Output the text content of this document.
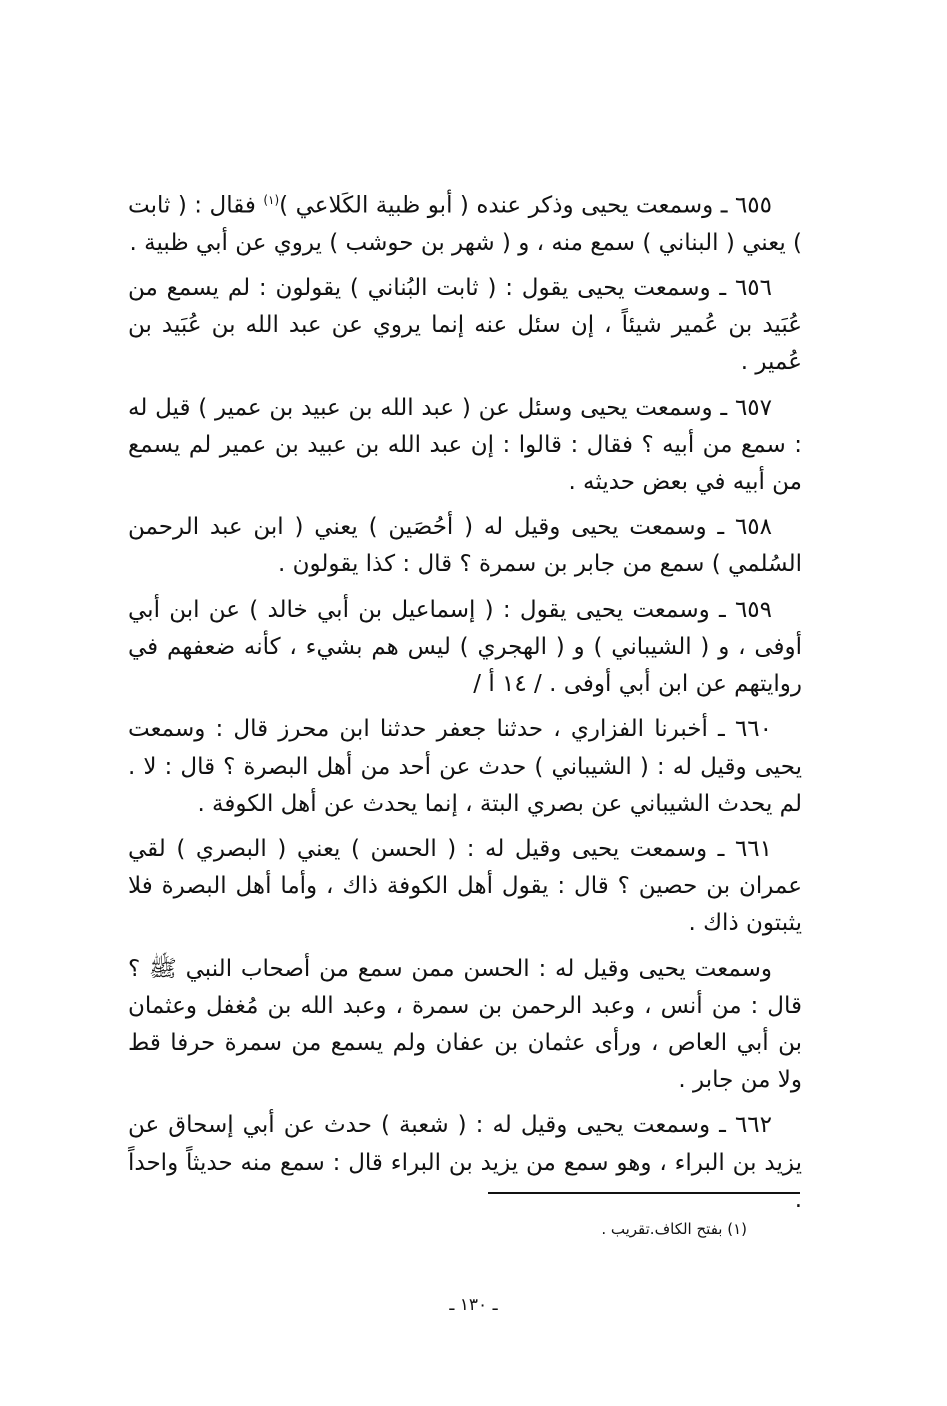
٦٥٥ ـ وسمعت يحيى وذكر عنده ( أبو ظبية الكَلاعي )$^{(١)}$ فقال : ( ثابت ) يعني ( البناني ) سمع منه ، و ( شهر بن حوشب ) يروي عن أبي ظبية .

٦٥٦ ـ وسمعت يحيى يقول : ( ثابت البُناني ) يقولون : لم يسمع من عُبَيد بن عُمير شيئاً ، إن سئل عنه إنما يروي عن عبد الله بن عُبَيد بن عُمير .

٦٥٧ ـ وسمعت يحيى وسئل عن ( عبد الله بن عبيد بن عمير ) قيل له : سمع من أبيه ؟ فقال : قالوا : إن عبد الله بن عبيد بن عمير لم يسمع من أبيه في بعض حديثه .

٦٥٨ ـ وسمعت يحيى وقيل له ( أحُصَين ) يعني ( ابن عبد الرحمن السُلمي ) سمع من جابر بن سمرة ؟ قال : كذا يقولون .

٦٥٩ ـ وسمعت يحيى يقول : ( إسماعيل بن أبي خالد ) عن ابن أبي أوفى ، و ( الشيباني ) و ( الهجري ) ليس هم بشيء ، كأنه ضعفهم في روايتهم عن ابن أبي أوفى . / ١٤ أ /

٦٦٠ ـ أخبرنا الفزاري ، حدثنا جعفر حدثنا ابن محرز قال : وسمعت يحيى وقيل له : ( الشيباني ) حدث عن أحد من أهل البصرة ؟ قال : لا . لم يحدث الشيباني عن بصري البتة ، إنما يحدث عن أهل الكوفة .

٦٦١ ـ وسمعت يحيى وقيل له : ( الحسن ) يعني ( البصري ) لقي عمران بن حصين ؟ قال : يقول أهل الكوفة ذاك ، وأما أهل البصرة فلا يثبتون ذاك .

وسمعت يحيى وقيل له : الحسن ممن سمع من أصحاب النبي ﷺ ؟ قال : من أنس ، وعبد الرحمن بن سمرة ، وعبد الله بن مُغفل وعثمان بن أبي العاص ، ورأى عثمان بن عفان ولم يسمع من سمرة حرفا قط ولا من جابر .

٦٦٢ ـ وسمعت يحيى وقيل له : ( شعبة ) حدث عن أبي إسحاق عن يزيد بن البراء ، وهو سمع من يزيد بن البراء قال : سمع منه حديثاً واحداً .

(١) بفتح الكاف.تقريب .
ـ ١٣٠ ـ
